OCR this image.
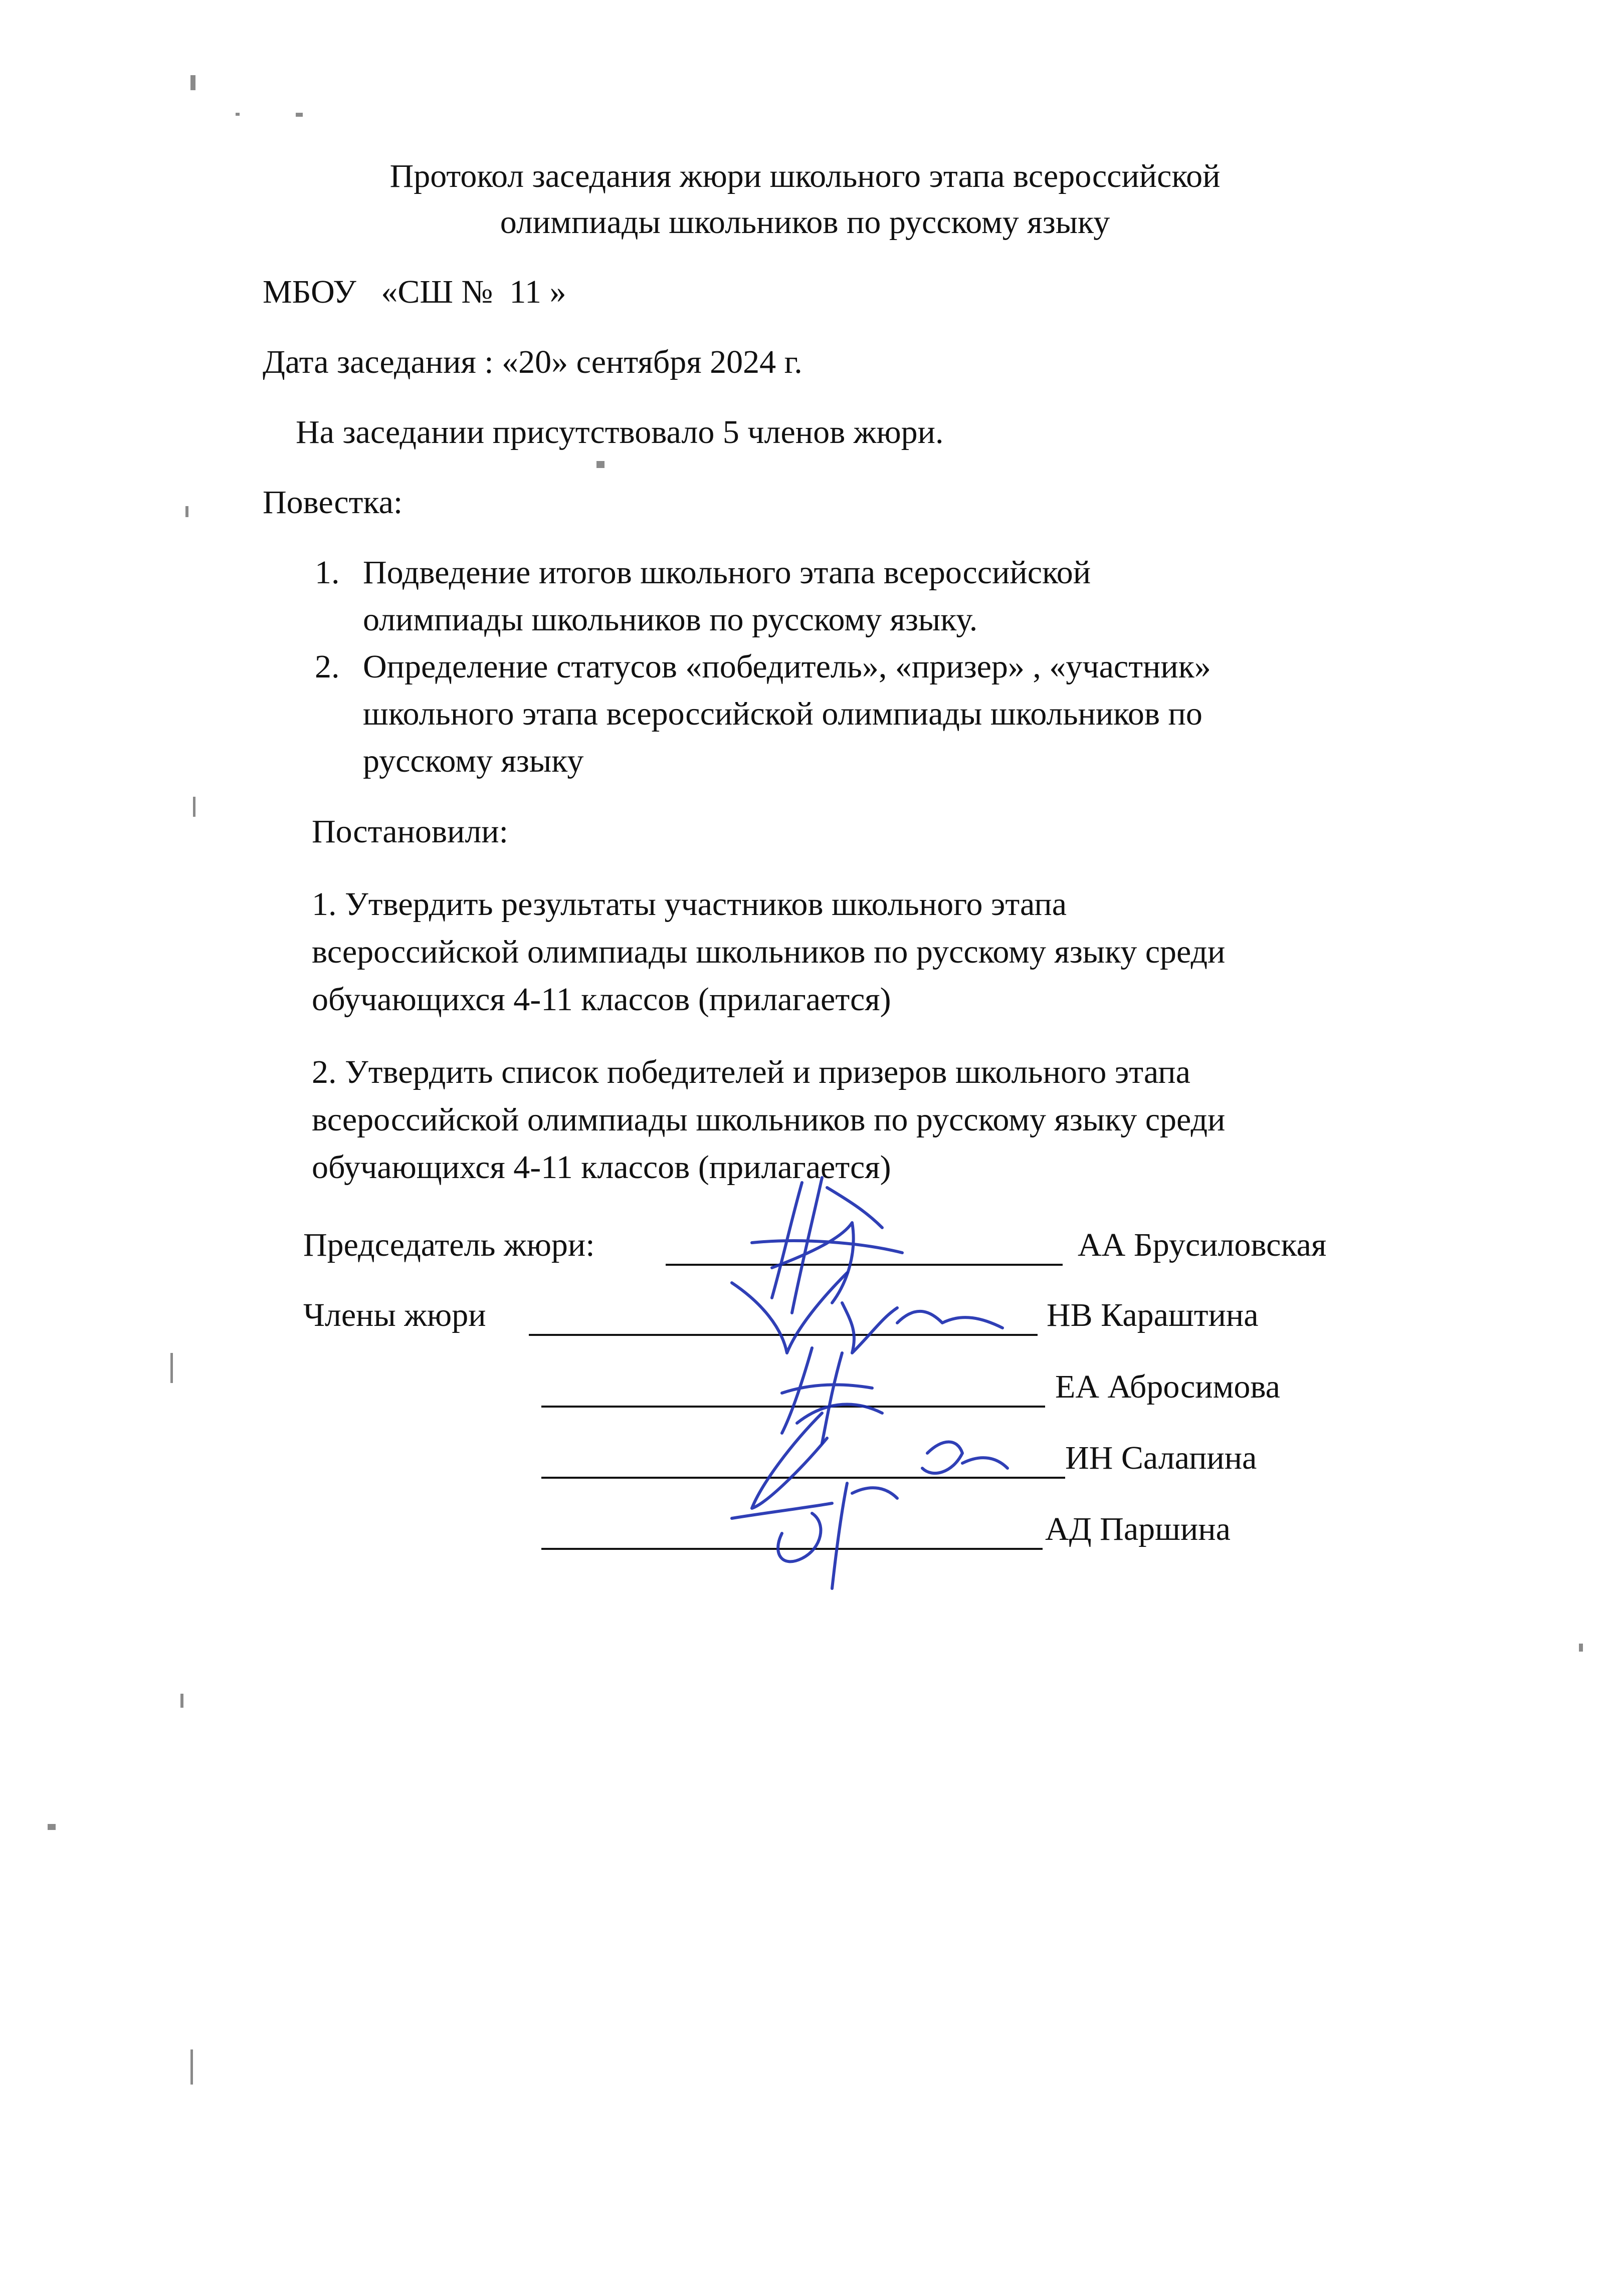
Протокол заседания жюри школьного этапа всероссийской
олимпиады школьников по русскому языку
МБОУ   «СШ №  11 »
Дата заседания : «20» сентября 2024 г.
На заседании присутствовало 5 членов жюри.
Повестка:
1. Подведение итогов школьного этапа всероссийской
олимпиады школьников по русскому языку.
2. Определение статусов «победитель», «призер» , «участник»
школьного этапа всероссийской олимпиады школьников по
русскому языку
Постановили:
1. Утвердить результаты участников школьного этапа
всероссийской олимпиады школьников по русскому языку среди
обучающихся 4-11 классов (прилагается)
2. Утвердить список победителей и призеров школьного этапа
всероссийской олимпиады школьников по русскому языку среди
обучающихся 4-11 классов (прилагается)
Председатель жюри:	АА Брусиловская
Члены жюри	НВ Караштина
ЕА Абросимова
ИН Салапина
АД Паршина
